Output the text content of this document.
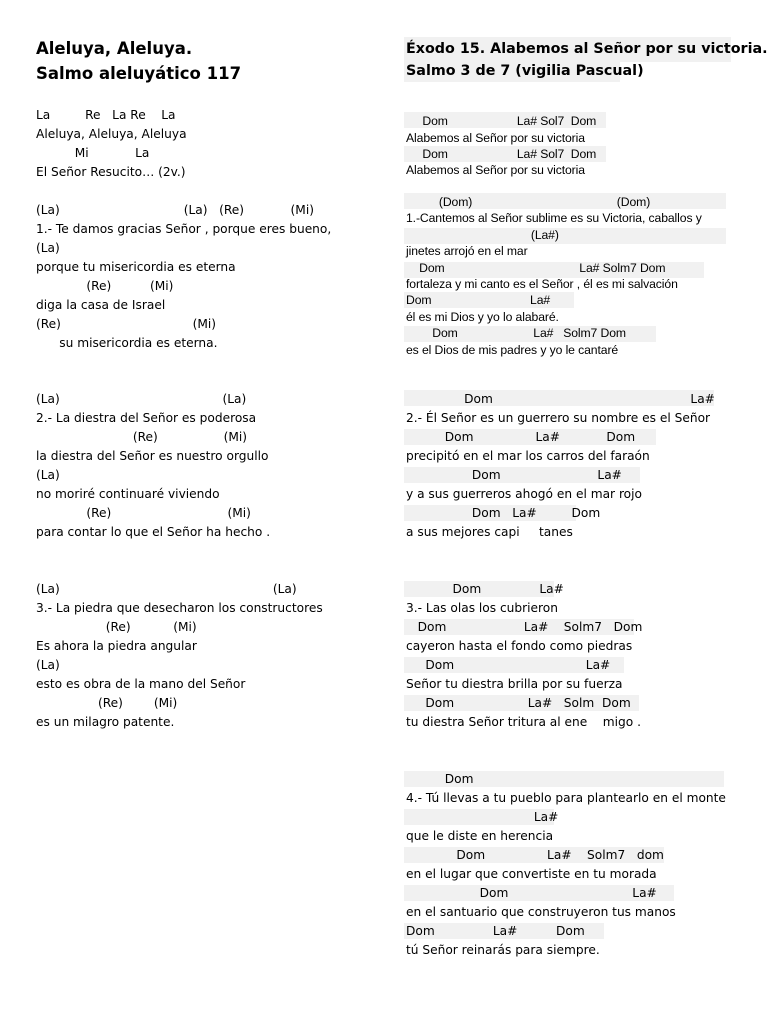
Aleluya, Aleluya.
Salmo aleluyático 117
La         Re   La Re    La
Aleluya, Aleluya, Aleluya
Mi            La
El Señor Resucito… (2v.)
(La)                                (La)   (Re)            (Mi)
1.- Te damos gracias Señor , porque eres bueno,
(La)
porque tu misericordia es eterna
(Re)          (Mi)
diga la casa de Israel
(Re)                                  (Mi)
su misericordia es eterna.
(La)                                          (La)
2.- La diestra del Señor es poderosa
(Re)                 (Mi)
la diestra del Señor es nuestro orgullo
(La)
no moriré continuaré viviendo
(Re)                              (Mi)
para contar lo que el Señor ha hecho .
(La)                                                       (La)
3.- La piedra que desecharon los constructores
(Re)           (Mi)
Es ahora la piedra angular
(La)
esto es obra de la mano del Señor
(Re)        (Mi)
es un milagro patente.
Éxodo 15. Alabemos al Señor por su victoria.
Salmo 3 de 7 (vigilia Pascual)
Dom                     La# Sol7  Dom
Alabemos al Señor por su victoria
Dom                     La# Sol7  Dom
Alabemos al Señor por su victoria
(Dom)                                            (Dom)
1.-Cantemos al Señor sublime es su Victoria, caballos y
(La#)
jinetes arrojó en el mar
Dom                                         La# Solm7 Dom
fortaleza y mi canto es el Señor , él es mi salvación
Dom                              La#
él es mi Dios y yo lo alabaré.
Dom                       La#   Solm7 Dom
es el Dios de mis padres y yo le cantaré
Dom                                                   La#
2.- Él Señor es un guerrero su nombre es el Señor
Dom                La#            Dom
precipitó en el mar los carros del faraón
Dom                         La#
y a sus guerreros ahogó en el mar rojo
Dom   La#         Dom
a sus mejores capi     tanes
Dom               La#
3.- Las olas los cubrieron
Dom                    La#    Solm7   Dom
cayeron hasta el fondo como piedras
Dom                                  La#
Señor tu diestra brilla por su fuerza
Dom                   La#   Solm  Dom
tu diestra Señor tritura al ene    migo .
Dom
4.- Tú llevas a tu pueblo para plantearlo en el monte
La#
que le diste en herencia
Dom                La#    Solm7   dom
en el lugar que convertiste en tu morada
Dom                                La#
en el santuario que construyeron tus manos
Dom               La#          Dom
tú Señor reinarás para siempre.
